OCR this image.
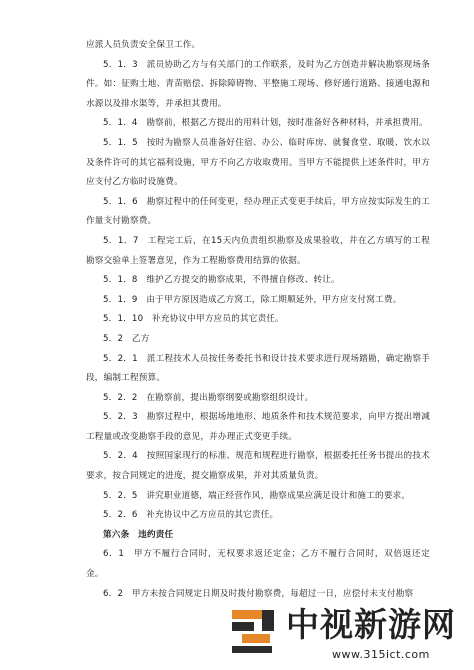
应派人员负责安全保卫工作。

5．1．3　派员协助乙方与有关部门的工作联系，及时为乙方创造并解决勘察现场条件。如：征购土地、青苗赔偿、拆除障碍物、平整施工现场、修好通行道路、接通电源和水源以及排水渠等，并承担其费用。

5．1．4　勘察前，根据乙方提出的用料计划，按时准备好各种材料，并承担费用。

5．1．5　按时为勘察人员准备好住宿、办公、临时库房、就餐食堂、取暖、饮水以及条件许可的其它福利设施，甲方不向乙方收取费用。当甲方不能提供上述条件时，甲方应支付乙方临时设施费。

5．1．6　勘察过程中的任何变更，经办理正式变更手续后，甲方应按实际发生的工作量支付勘察费。

5．1．7　工程完工后，在15天内负责组织勘察及成果验收，并在乙方填写的工程勘察交验单上签署意见，作为工程勘察费用结算的依据。

5．1．8　维护乙方提交的勘察成果，不得擅自修改、转让。

5．1．9　由于甲方原因造成乙方窝工，除工期顺延外，甲方应支付窝工费。

5．1．10　补充协议中甲方应员的其它责任。

5．2　乙方

5．2．1　派工程技术人员按任务委托书和设计技术要求进行现场踏勘，确定勘察手段，编制工程预算。

5．2．2　在勘察前，提出勘察纲要或勘察组织设计。

5．2．3　勘察过程中，根据场地地形、地质条件和技术规范要求，向甲方提出增减工程量或改变勘察手段的意见，并办理正式变更手续。

5．2．4　按照国家现行的标准、规范和规程进行勘察，根据委托任务书提出的技术要求，按合同规定的进度，提交勘察成果，并对其质量负责。

5．2．5　讲究职业道德，端正经营作风，勘察成果应满足设计和施工的要求。

5．2．6　补充协议中乙方应员的其它责任。

第六条　违约责任

6．1　甲方不履行合同时，无权要求返还定金；乙方不履行合同时，双倍返还定金。

6．2　甲方未按合同规定日期及时拨付勘察费，每超过一日，应偿付未支付勘察

中视新游网
www.315ict.com
